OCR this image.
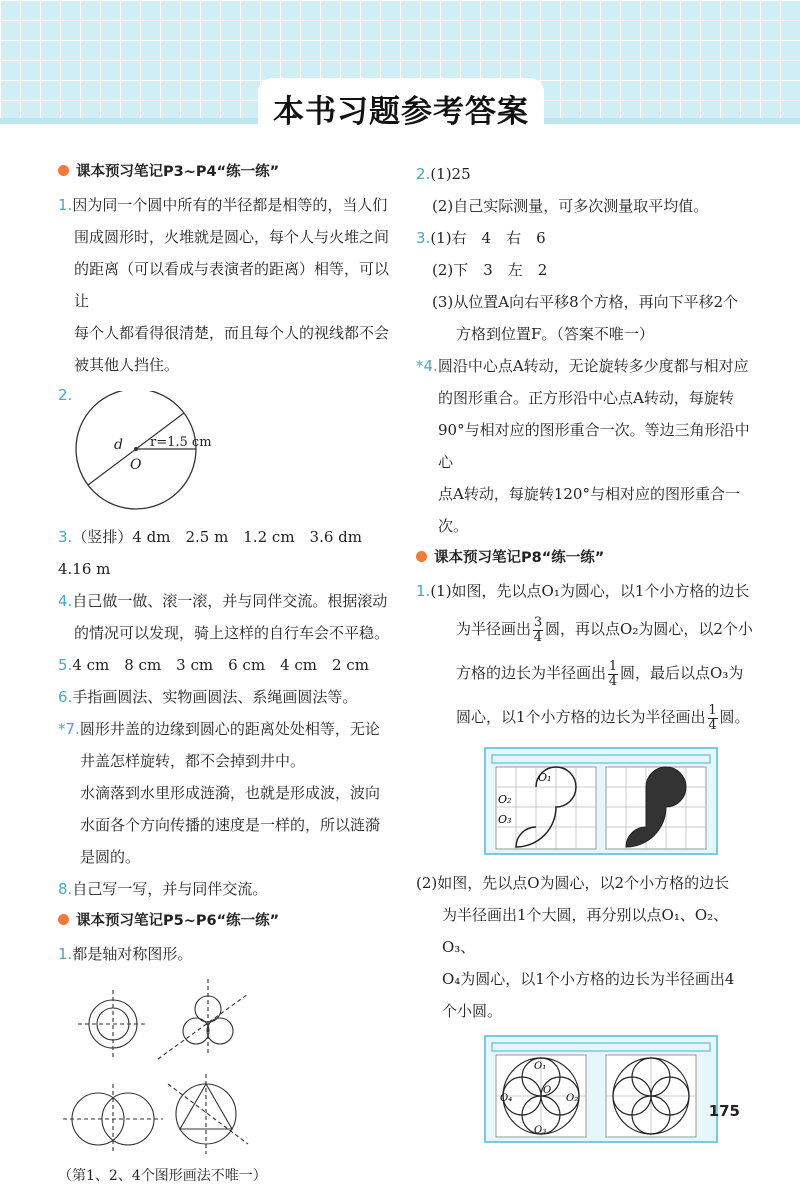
本书习题参考答案
课本预习笔记P3~P4“练一练”

1.因为同一个圆中所有的半径都是相等的，当人们

围成圆形时，火堆就是圆心，每个人与火堆之间

的距离（可以看成与表演者的距离）相等，可以让

每个人都看得很清楚，而且每个人的视线都不会

被其他人挡住。

2.
d
O
r=1.5 cm

3.（竖排）4 dm　2.5 m　1.2 cm　3.6 dm　4.16 m

4.自己做一做、滚一滚，并与同伴交流。根据滚动

的情况可以发现，骑上这样的自行车会不平稳。

5.4 cm　8 cm　3 cm　6 cm　4 cm　2 cm

6.手指画圆法、实物画圆法、系绳画圆法等。

*7.圆形井盖的边缘到圆心的距离处处相等，无论

井盖怎样旋转，都不会掉到井中。

水滴落到水里形成涟漪，也就是形成波，波向

水面各个方向传播的速度是一样的，所以涟漪

是圆的。

8.自己写一写，并与同伴交流。

课本预习笔记P5~P6“练一练”

1.都是轴对称图形。

（第1、2、4个图形画法不唯一）

2.(1)25

(2)自己实际测量，可多次测量取平均值。

3.(1)右　4　右　6

(2)下　3　左　2

(3)从位置A向右平移8个方格，再向下平移2个

方格到位置F。（答案不唯一）

*4.圆沿中心点A转动，无论旋转多少度都与相对应

的图形重合。正方形沿中心点A转动，每旋转

90°与相对应的图形重合一次。等边三角形沿中心

点A转动，每旋转120°与相对应的图形重合一次。

课本预习笔记P8“练一练”

1.(1)如图，先以点O₁为圆心，以1个小方格的边长

为半径画出 $\frac{3}{4}$ 圆，再以点O₂为圆心，以2个小

方格的边长为半径画出 $\frac{1}{4}$ 圆，最后以点O₃为

圆心，以1个小方格的边长为半径画出 $\frac{1}{4}$ 圆。

O₁
O₂
O₃

(2)如图，先以点O为圆心，以2个小方格的边长

为半径画出1个大圆，再分别以点O₁、O₂、O₃、

O₄为圆心，以1个小方格的边长为半径画出4

个小圆。

O₁
O₂
O₃
O₄
O
175
